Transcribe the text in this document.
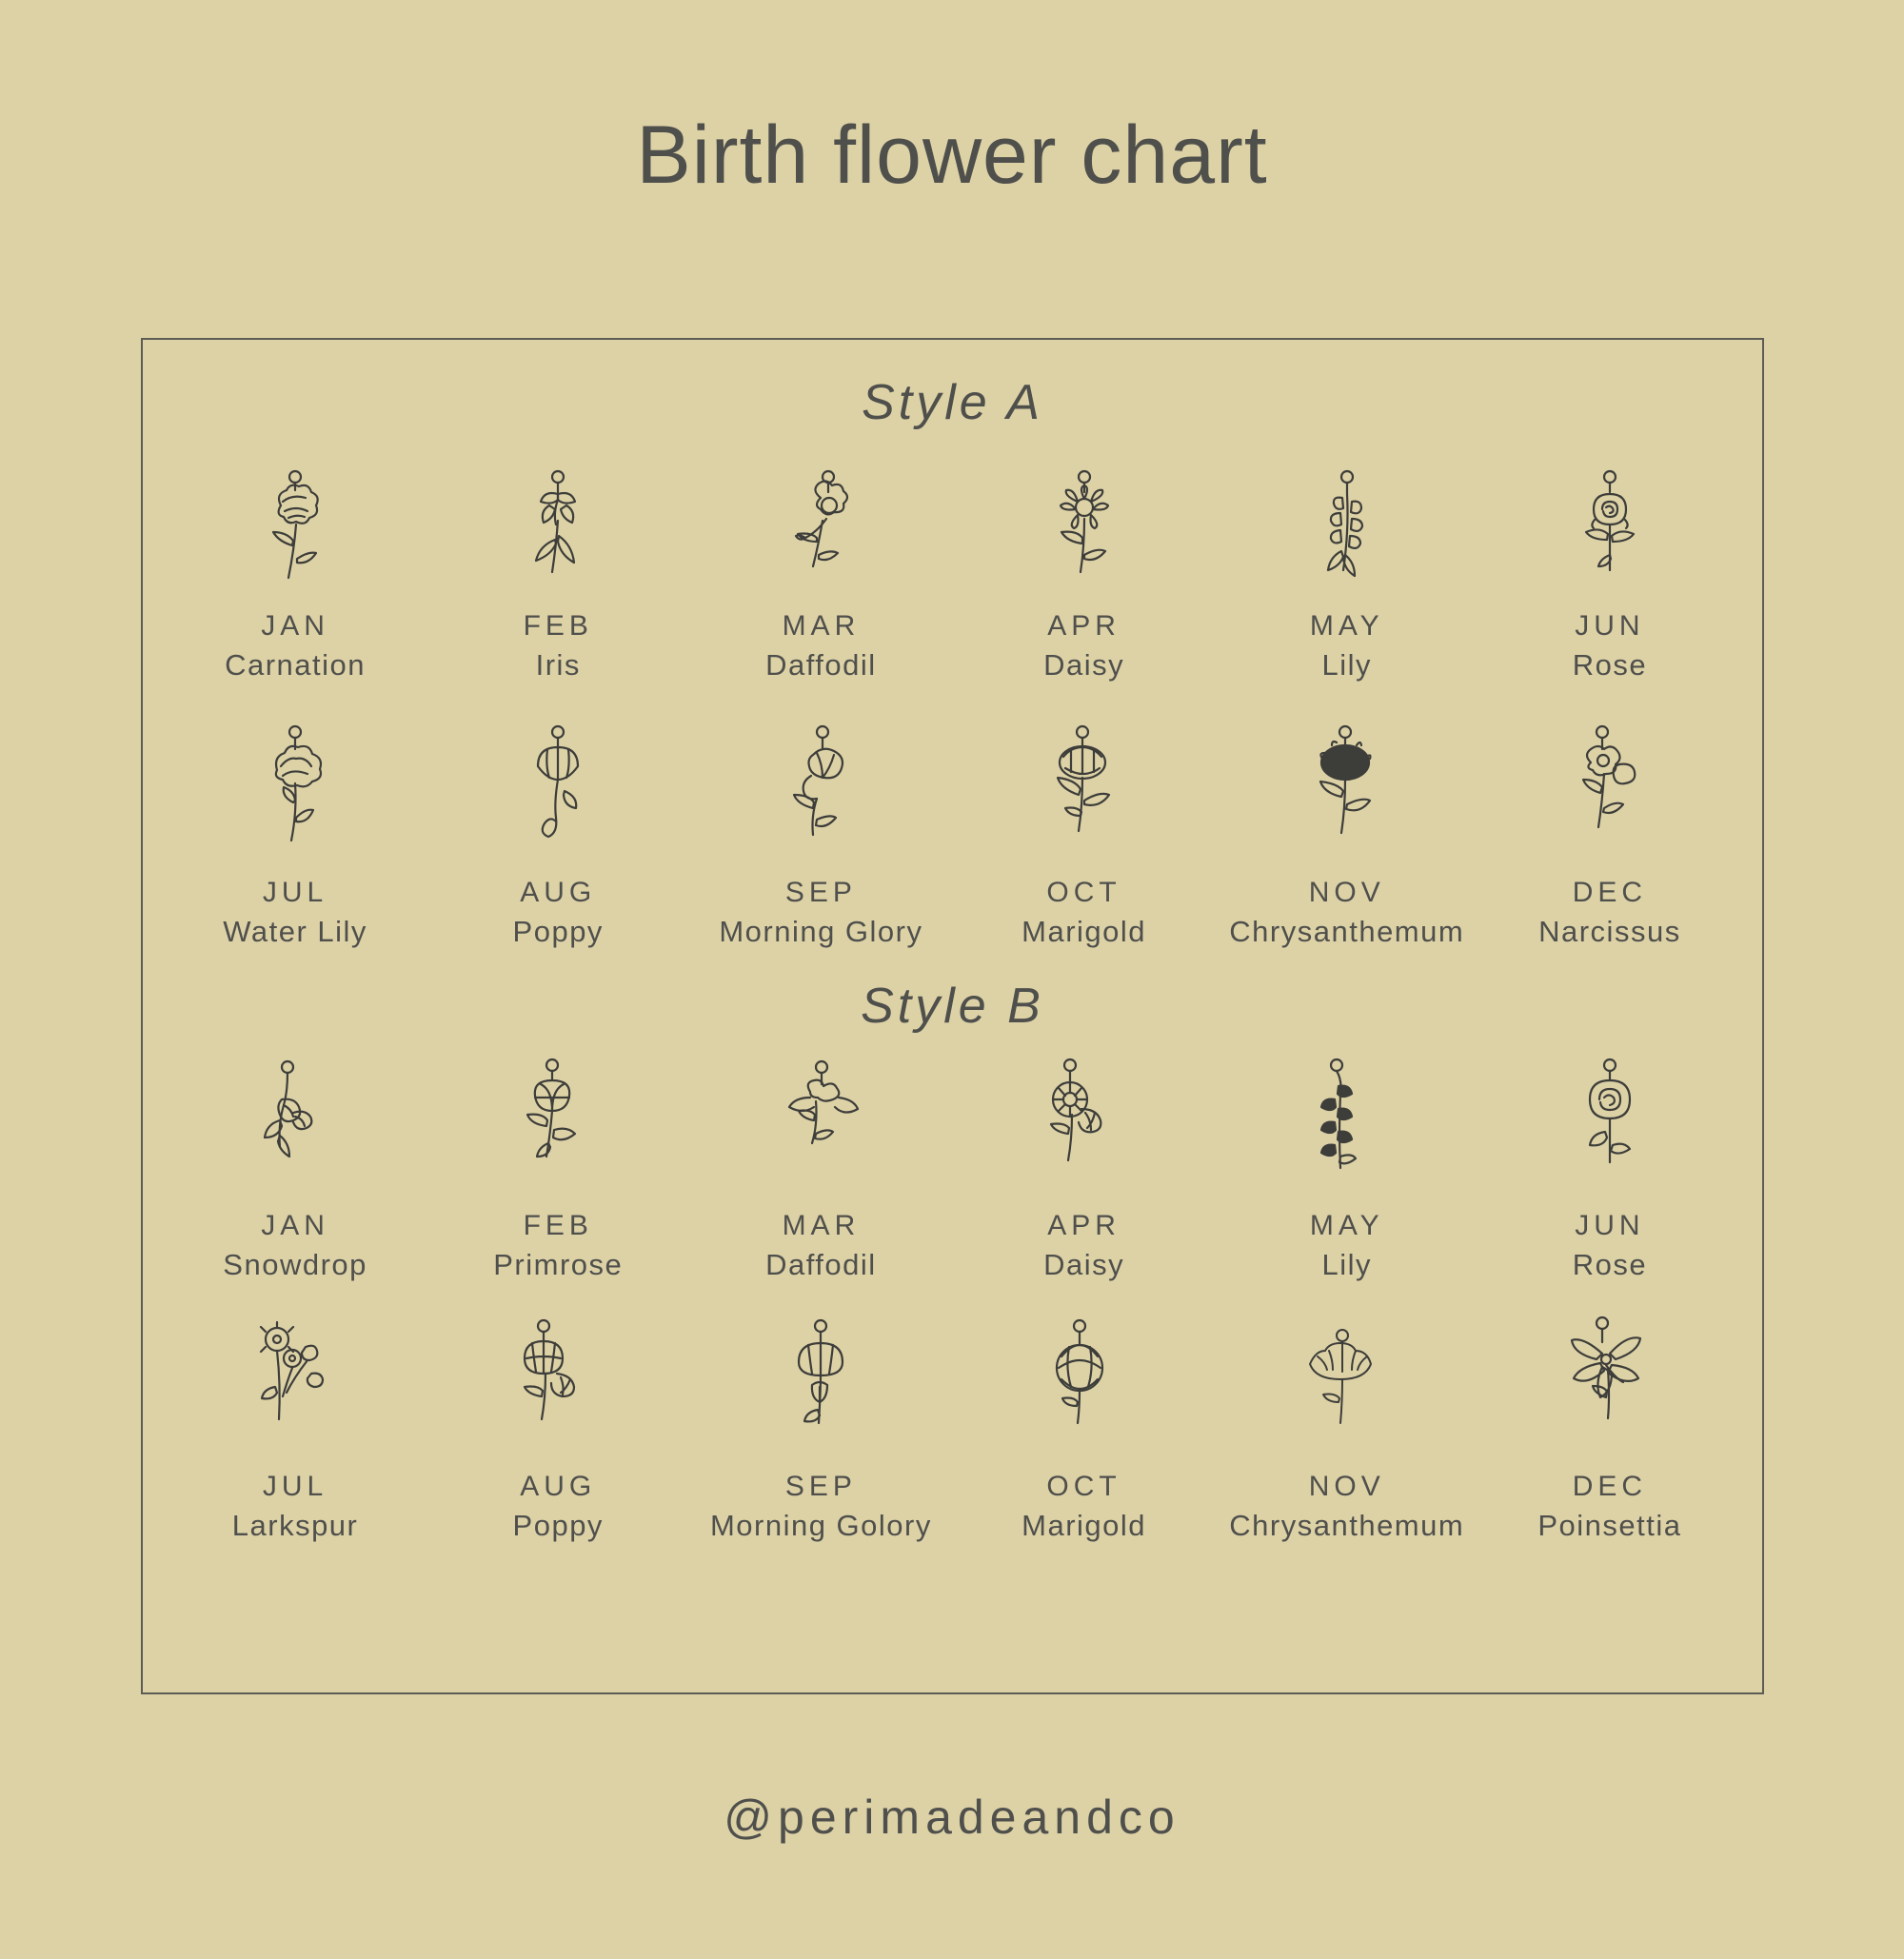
Birth flower chart
Style A
JAN
Carnation
FEB
Iris
MAR
Daffodil
APR
Daisy
MAY
Lily
JUN
Rose
JUL
Water Lily
AUG
Poppy
SEP
Morning Glory
OCT
Marigold
NOV
Chrysanthemum
DEC
Narcissus
Style B
JAN
Snowdrop
FEB
Primrose
MAR
Daffodil
APR
Daisy
MAY
Lily
JUN
Rose
JUL
Larkspur
AUG
Poppy
SEP
Morning Golory
OCT
Marigold
NOV
Chrysanthemum
DEC
Poinsettia
@perimadeandco
